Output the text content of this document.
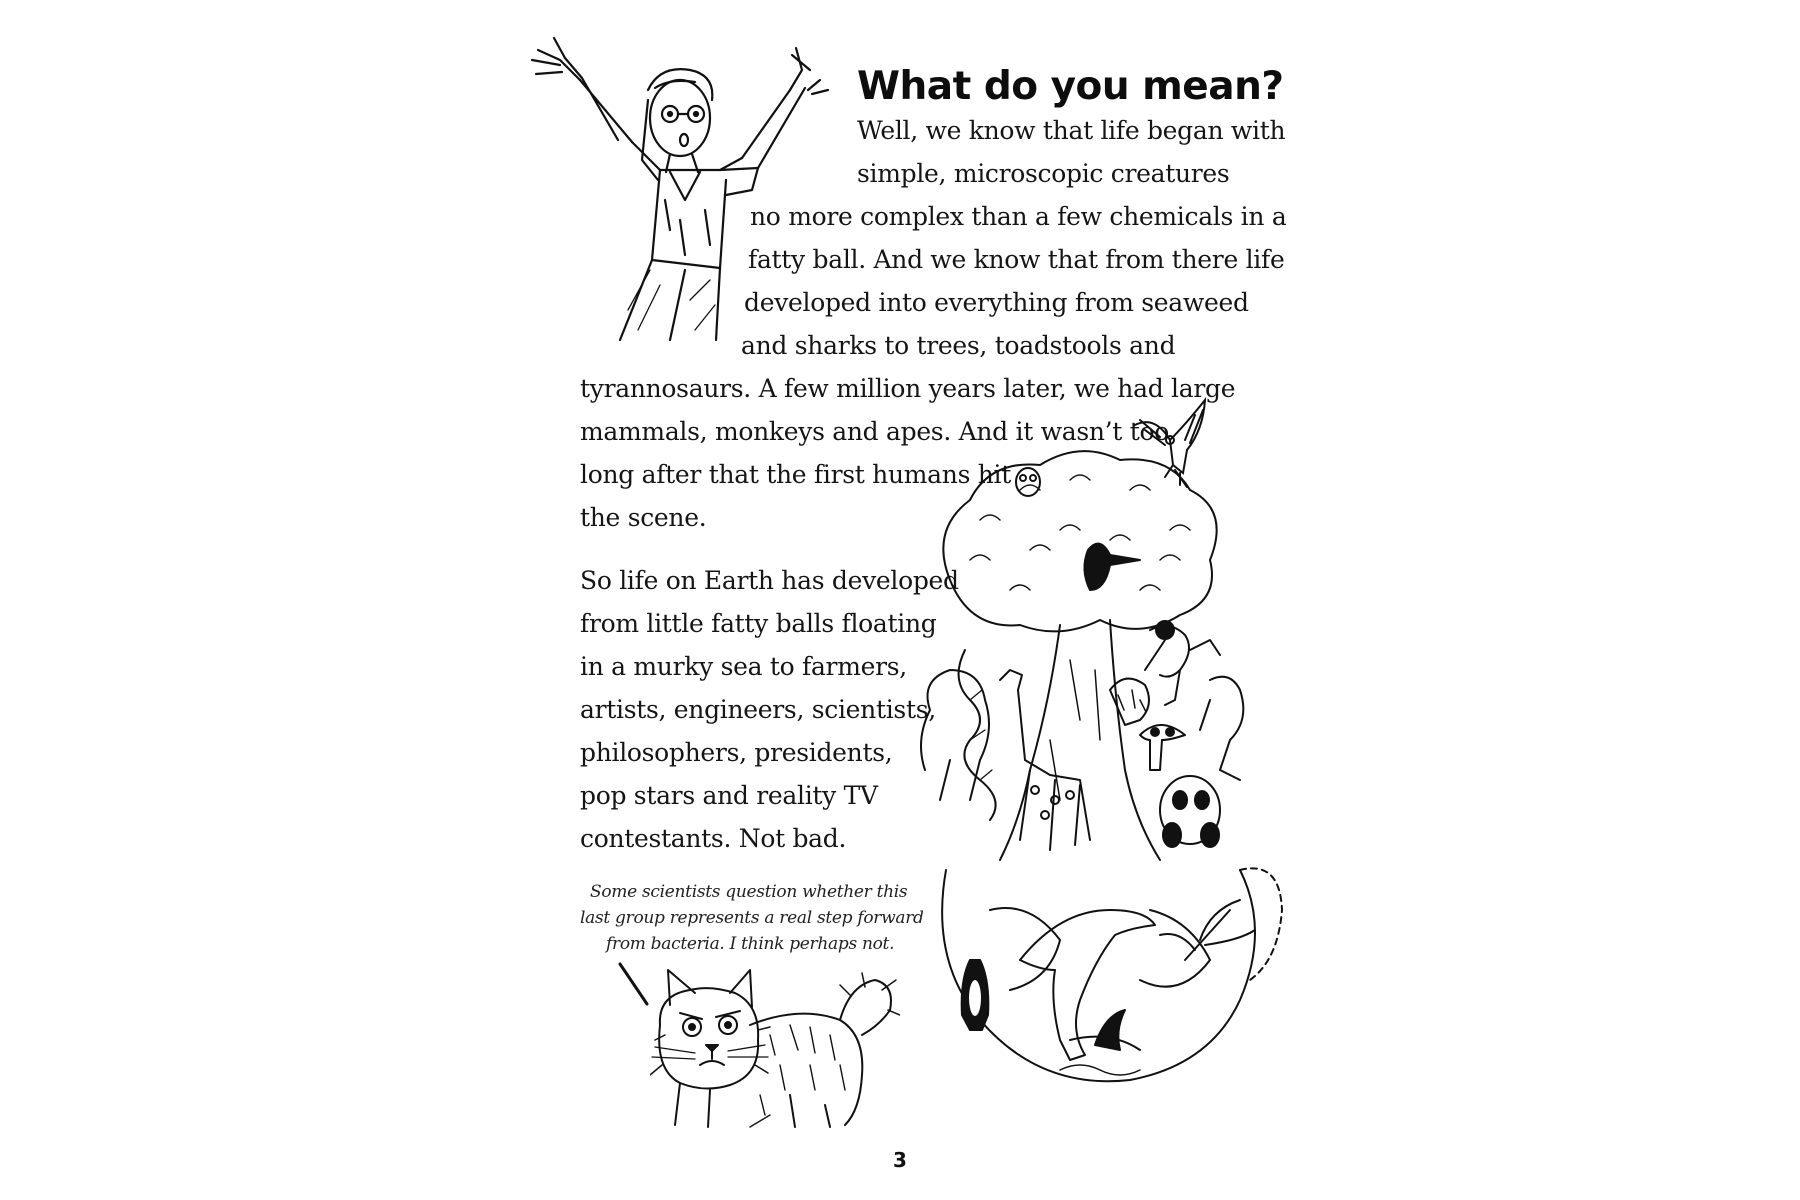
What do you mean?
Well, we know that life began with
simple, microscopic creatures
no more complex than a few chemicals in a
fatty ball. And we know that from there life
developed into everything from seaweed
and sharks to trees, toadstools and
tyrannosaurs. A few million years later, we had large
mammals, monkeys and apes. And it wasn’t too
long after that the first humans hit
the scene.
So life on Earth has developed
from little fatty balls floating
in a murky sea to farmers,
artists, engineers, scientists,
philosophers, presidents,
pop stars and reality TV
contestants. Not bad.
Some scientists question whether this
last group represents a real step forward
from bacteria. I think perhaps not.
3
